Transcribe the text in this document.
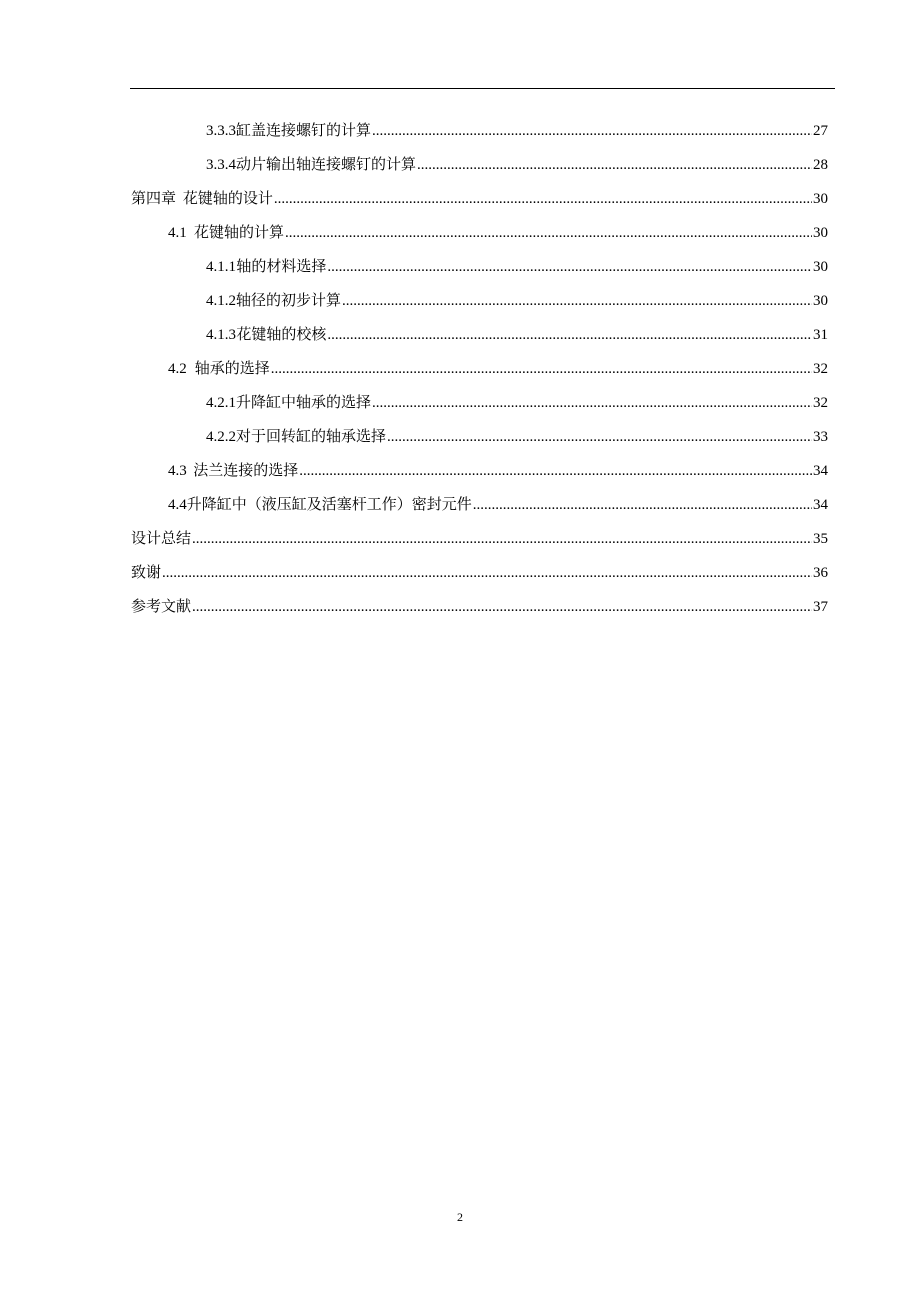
3.3.3 缸盖连接螺钉的计算 .....	27
3.3.4 动片输出轴连接螺钉的计算 .....	28
第四章 花键轴的设计 .....	30
4.1 花键轴的计算 .....	30
4.1.1 轴的材料选择 .....	30
4.1.2 轴径的初步计算 .....	30
4.1.3 花键轴的校核 .....	31
4.2 轴承的选择 .....	32
4.2.1 升降缸中轴承的选择 .....	32
4.2.2 对于回转缸的轴承选择 .....	33
4.3 法兰连接的选择 .....	34
4.4 升降缸中（液压缸及活塞杆工作）密封元件 .....	34
设计总结 .....	35
致谢 .....	36
参考文献 .....	37
2
